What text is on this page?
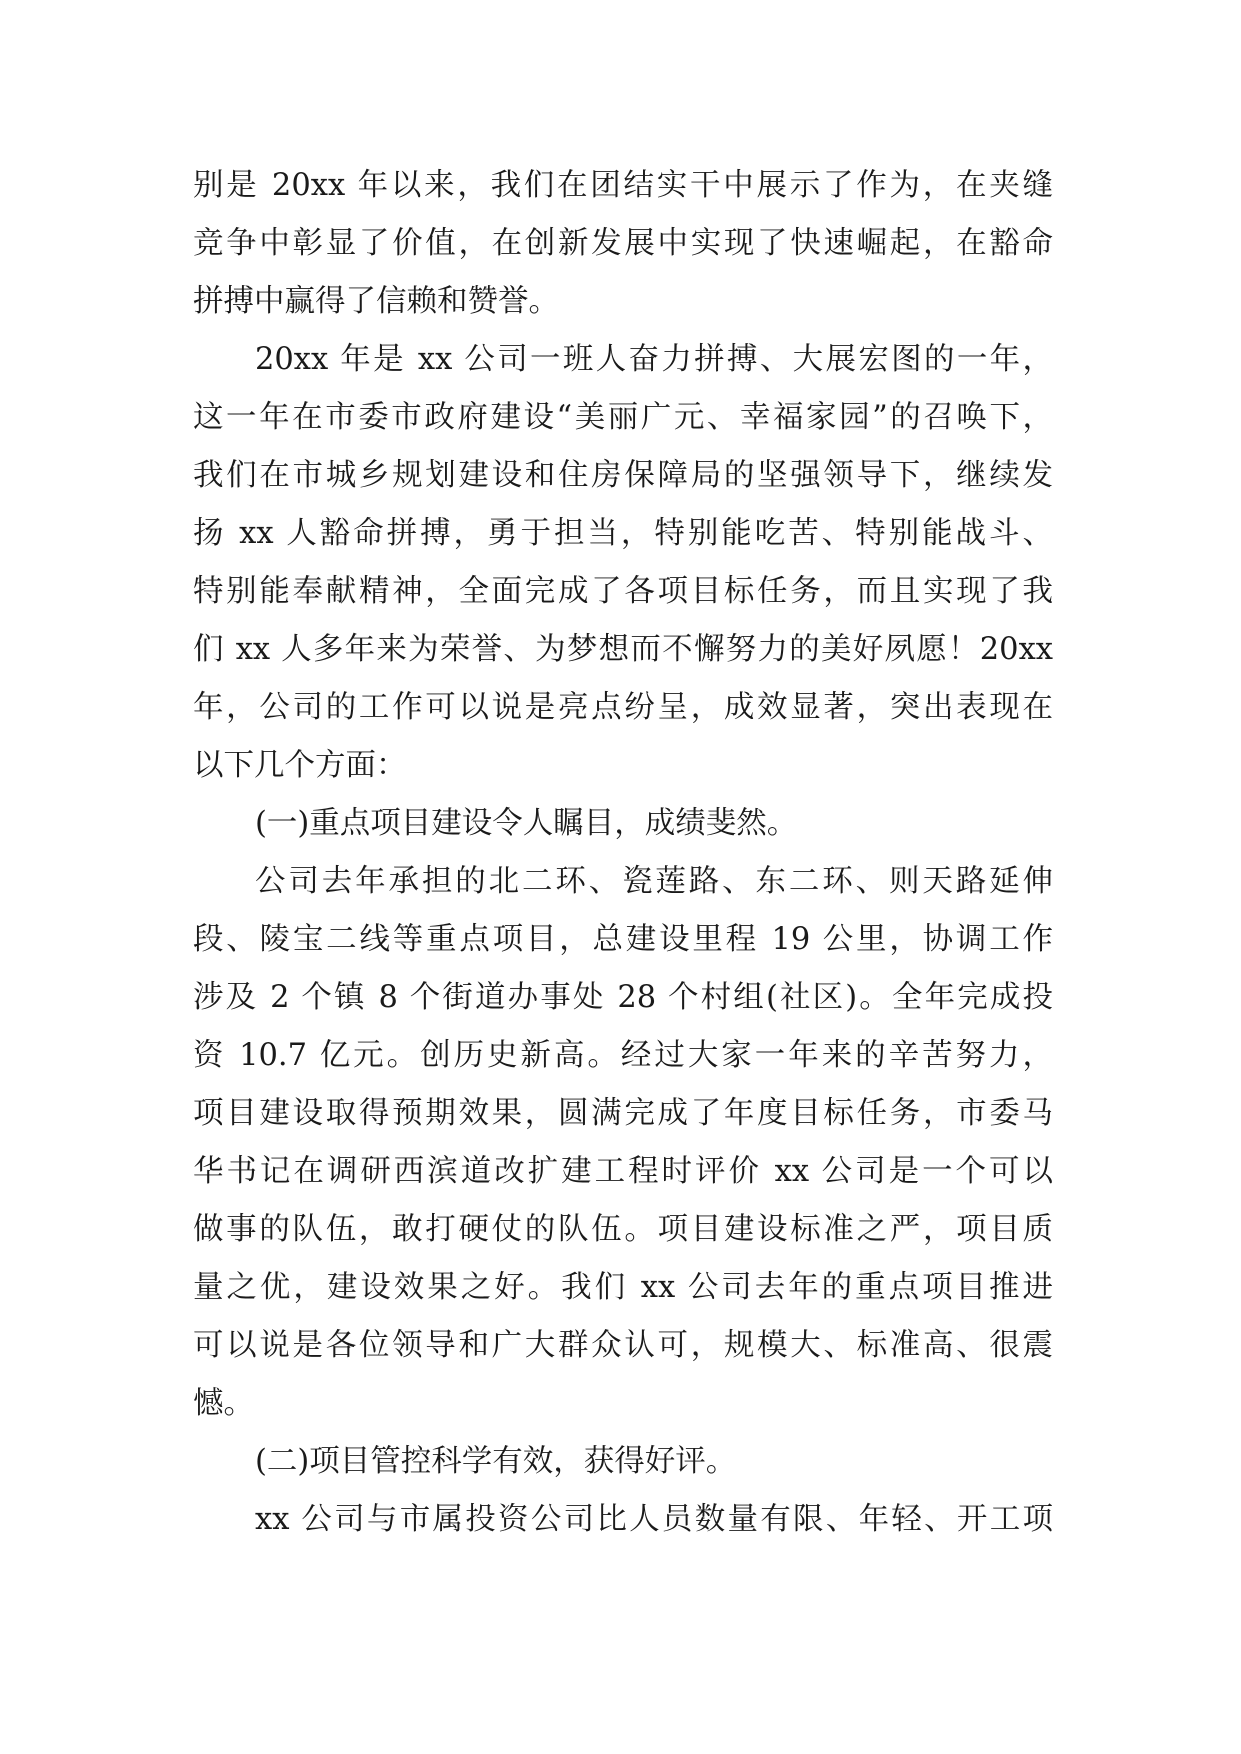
别是 20xx 年以来，我们在团结实干中展示了作为，在夹缝
竞争中彰显了价值，在创新发展中实现了快速崛起，在豁命
拼搏中赢得了信赖和赞誉。
20xx 年是 xx 公司一班人奋力拼搏、大展宏图的一年，
这一年在市委市政府建设“美丽广元、幸福家园”的召唤下，
我们在市城乡规划建设和住房保障局的坚强领导下，继续发
扬 xx 人豁命拼搏，勇于担当，特别能吃苦、特别能战斗、
特别能奉献精神，全面完成了各项目标任务，而且实现了我
们 xx 人多年来为荣誉、为梦想而不懈努力的美好夙愿！20xx
年，公司的工作可以说是亮点纷呈，成效显著，突出表现在
以下几个方面：
(一)重点项目建设令人瞩目，成绩斐然。
公司去年承担的北二环、瓷莲路、东二环、则天路延伸
段、陵宝二线等重点项目，总建设里程 19 公里，协调工作
涉及 2 个镇 8 个街道办事处 28 个村组(社区)。全年完成投
资 10.7 亿元。创历史新高。经过大家一年来的辛苦努力，
项目建设取得预期效果，圆满完成了年度目标任务，市委马
华书记在调研西滨道改扩建工程时评价 xx 公司是一个可以
做事的队伍，敢打硬仗的队伍。项目建设标准之严，项目质
量之优，建设效果之好。我们 xx 公司去年的重点项目推进
可以说是各位领导和广大群众认可，规模大、标准高、很震
憾。
(二)项目管控科学有效，获得好评。
xx 公司与市属投资公司比人员数量有限、年轻、开工项
